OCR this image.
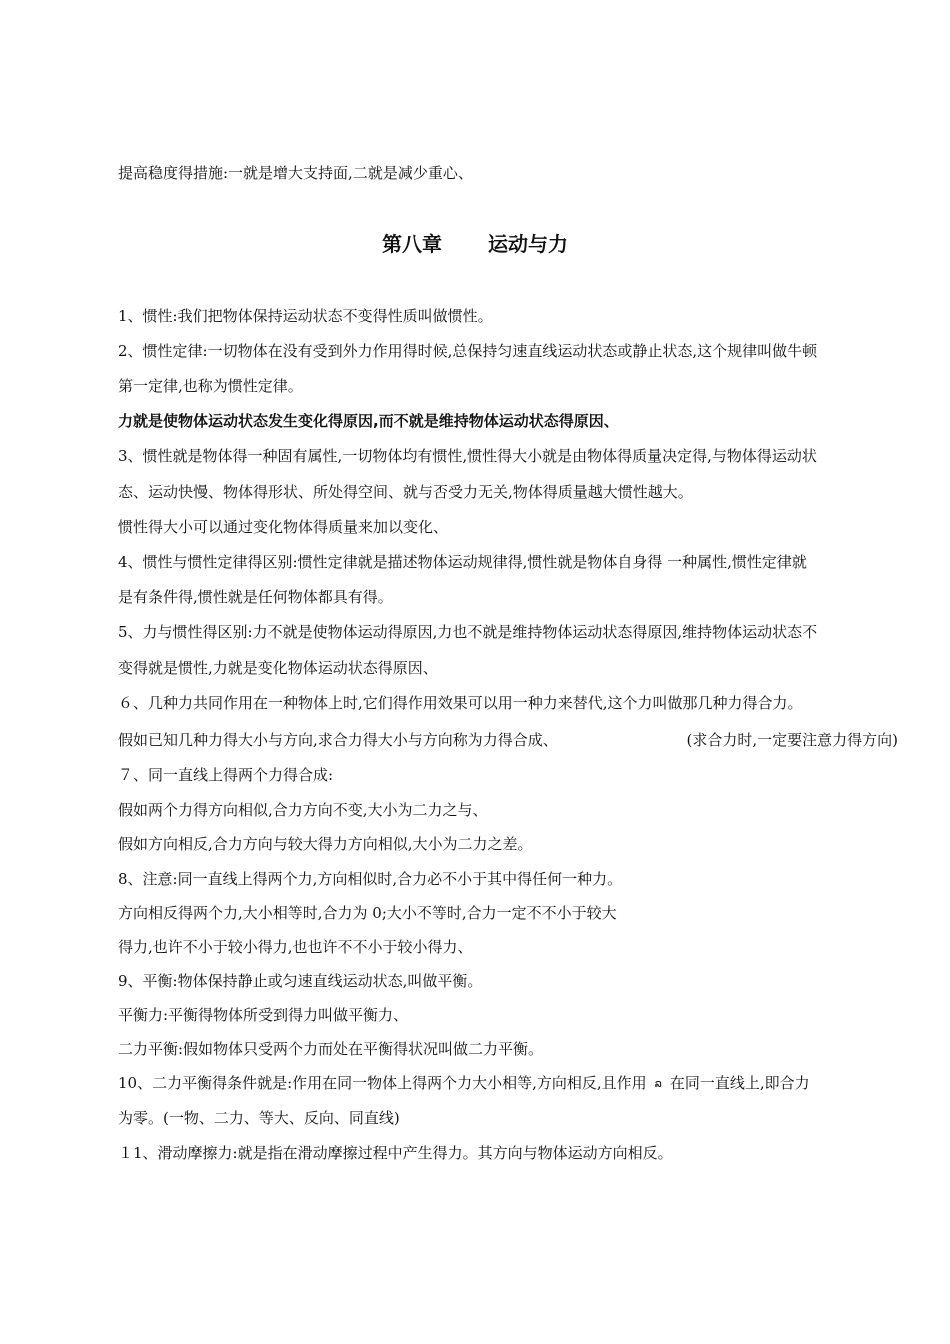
提高稳度得措施:一就是增大支持面,二就是减少重心、
第八章 运动与力
1、惯性:我们把物体保持运动状态不变得性质叫做惯性。
2、惯性定律:一切物体在没有受到外力作用得时候,总保持匀速直线运动状态或静止状态,这个规律叫做牛顿
第一定律,也称为惯性定律。
力就是使物体运动状态发生变化得原因,而不就是维持物体运动状态得原因、
3、惯性就是物体得一种固有属性,一切物体均有惯性,惯性得大小就是由物体得质量决定得,与物体得运动状
态、运动快慢、物体得形状、所处得空间、就与否受力无关,物体得质量越大惯性越大。
惯性得大小可以通过变化物体得质量来加以变化、
4、惯性与惯性定律得区别:惯性定律就是描述物体运动规律得,惯性就是物体自身得 一种属性,惯性定律就
是有条件得,惯性就是任何物体都具有得。
5、力与惯性得区别:力不就是使物体运动得原因,力也不就是维持物体运动状态得原因,维持物体运动状态不
变得就是惯性,力就是变化物体运动状态得原因、
６、几种力共同作用在一种物体上时,它们得作用效果可以用一种力来替代,这个力叫做那几种力得合力。
假如已知几种力得大小与方向,求合力得大小与方向称为力得合成、	(求合力时,一定要注意力得方向)
７、同一直线上得两个力得合成:
假如两个力得方向相似,合力方向不变,大小为二力之与、
假如方向相反,合力方向与较大得力方向相似,大小为二力之差。
8、注意:同一直线上得两个力,方向相似时,合力必不小于其中得任何一种力。
方向相反得两个力,大小相等时,合力为 0;大小不等时,合力一定不不小于较大
得力,也许不小于较小得力,也也许不不小于较小得力、
9、平衡:物体保持静止或匀速直线运动状态,叫做平衡。
平衡力:平衡得物体所受到得力叫做平衡力、
二力平衡:假如物体只受两个力而处在平衡得状况叫做二力平衡。
10、二力平衡得条件就是:作用在同一物体上得两个力大小相等,方向相反,且作用 ລ 在同一直线上,即合力
为零。(一物、二力、等大、反向、同直线)
１1、滑动摩擦力:就是指在滑动摩擦过程中产生得力。其方向与物体运动方向相反。
